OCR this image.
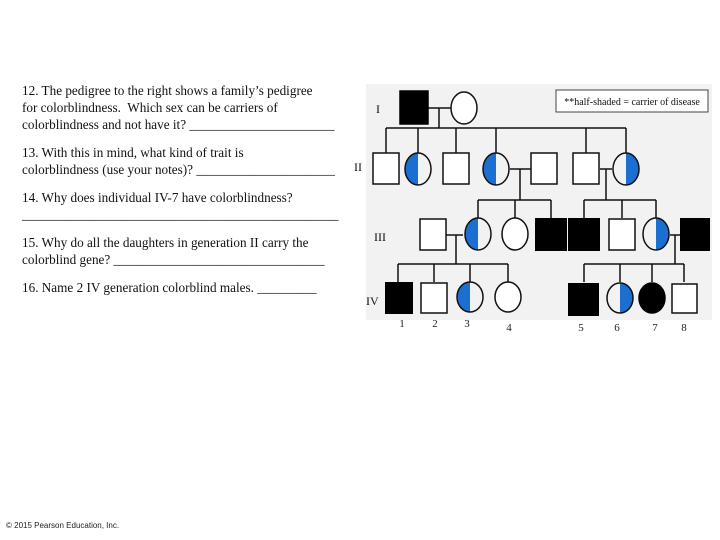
12. The pedigree to the right shows a family’s pedigree
for colorblindness.  Which sex can be carriers of
colorblindness and not have it? ______________________
13. With this in mind, what kind of trait is
colorblindness (use your notes)? _____________________
14. Why does individual IV-7 have colorblindness?
________________________________________________
15. Why do all the daughters in generation II carry the
colorblind gene? ________________________________
16. Name 2 IV generation colorblind males. _________
**half-shaded = carrier of disease
I
II
III
IV
1	2 3	4	5	6	7 8
© 2015 Pearson Education, Inc.
